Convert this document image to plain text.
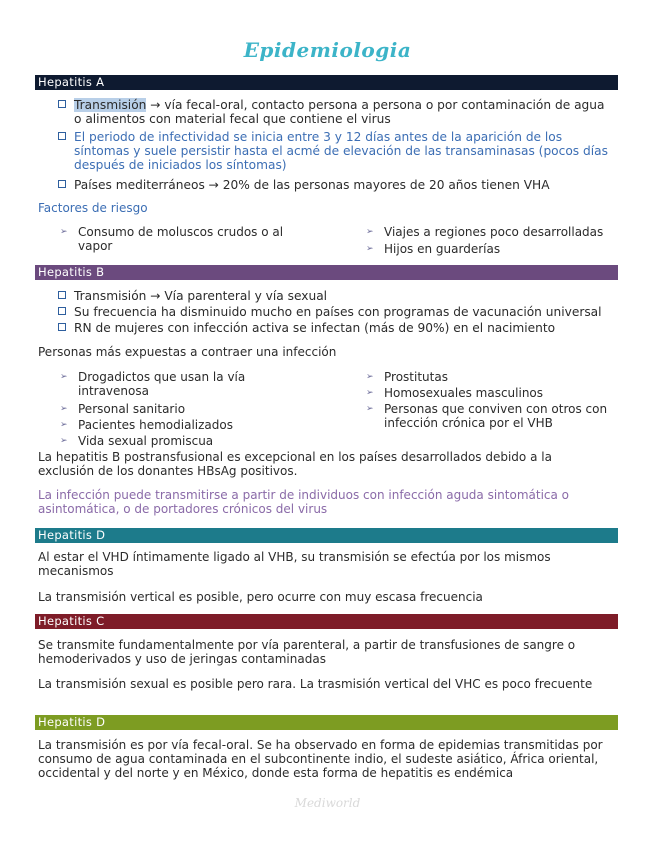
Epidemiologia
Hepatitis A
Transmisión → vía fecal-oral, contacto persona a persona o por contaminación de agua o alimentos con material fecal que contiene el virus
El periodo de infectividad se inicia entre 3 y 12 días antes de la aparición de los síntomas y suele persistir hasta el acmé de elevación de las transaminasas (pocos días después de iniciados los síntomas)
Países mediterráneos → 20% de las personas mayores de 20 años tienen VHA
Factores de riesgo
➢ Consumo de moluscos crudos o al vapor
➢ Viajes a regiones poco desarrolladas
➢ Hijos en guarderías
Hepatitis B
Transmisión → Vía parenteral y vía sexual
Su frecuencia ha disminuido mucho en países con programas de vacunación universal
RN de mujeres con infección activa se infectan (más de 90%) en el nacimiento
Personas más expuestas a contraer una infección
➢ Drogadictos que usan la vía intravenosa
➢ Personal sanitario
➢ Pacientes hemodializados
➢ Vida sexual promiscua
➢ Prostitutas
➢ Homosexuales masculinos
➢ Personas que conviven con otros con infección crónica por el VHB
La hepatitis B postransfusional es excepcional en los países desarrollados debido a la exclusión de los donantes HBsAg positivos.
La infección puede transmitirse a partir de individuos con infección aguda sintomática o asintomática, o de portadores crónicos del virus
Hepatitis D
Al estar el VHD íntimamente ligado al VHB, su transmisión se efectúa por los mismos mecanismos
La transmisión vertical es posible, pero ocurre con muy escasa frecuencia
Hepatitis C
Se transmite fundamentalmente por vía parenteral, a partir de transfusiones de sangre o hemoderivados y uso de jeringas contaminadas
La transmisión sexual es posible pero rara. La trasmisión vertical del VHC es poco frecuente
Hepatitis D
La transmisión es por vía fecal-oral. Se ha observado en forma de epidemias transmitidas por consumo de agua contaminada en el subcontinente indio, el sudeste asiático, África oriental, occidental y del norte y en México, donde esta forma de hepatitis es endémica
Mediworld
